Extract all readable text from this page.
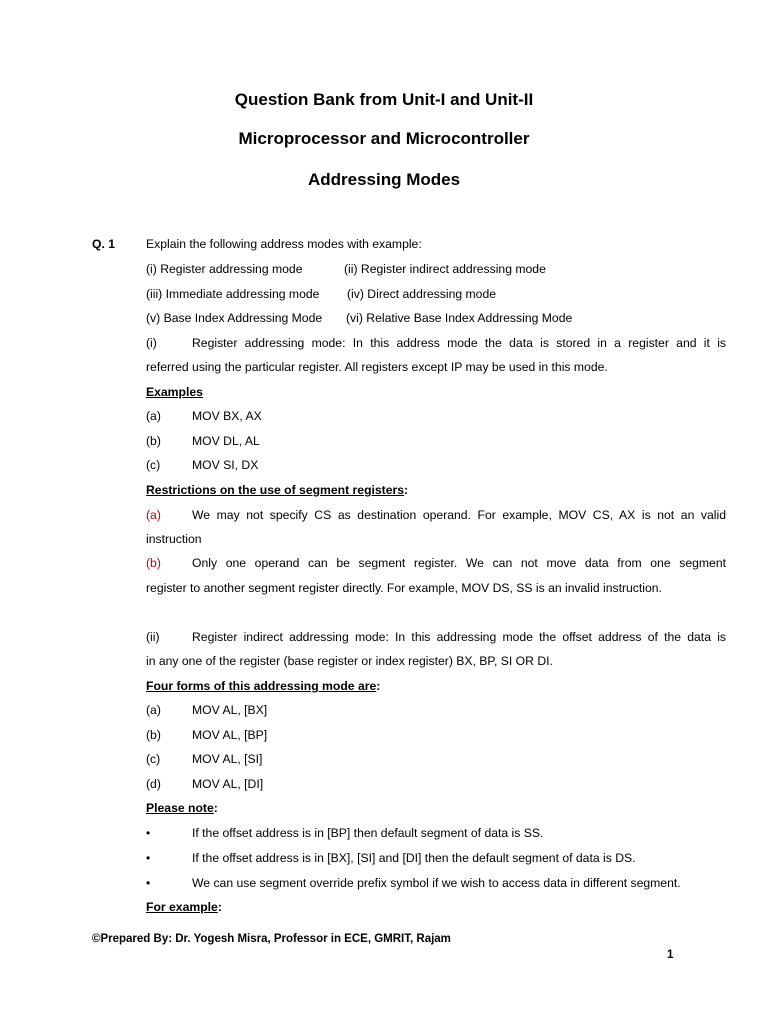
Question Bank from Unit-I and Unit-II
Microprocessor and Microcontroller
Addressing Modes
Q. 1	Explain the following address modes with example:
(i) Register addressing mode	(ii) Register indirect addressing mode
(iii) Immediate addressing mode (iv) Direct addressing mode
(v) Base Index Addressing Mode (vi) Relative Base Index Addressing Mode
(i)	Register addressing mode: In this address mode the data is stored in a register and it is
referred using the particular register. All registers except IP may be used in this mode.
Examples
(a)	MOV BX, AX
(b)	MOV DL, AL
(c)	MOV SI, DX
Restrictions on the use of segment registers:
(a)	We may not specify CS as destination operand. For example, MOV CS, AX is not an valid
instruction
(b)	Only one operand can be segment register. We can not move data from one segment
register to another segment register directly. For example, MOV DS, SS is an invalid instruction.
(ii)	Register indirect addressing mode: In this addressing mode the offset address of the data is
in any one of the register (base register or index register) BX, BP, SI OR DI.
Four forms of this addressing mode are:
(a)	MOV AL, [BX]
(b)	MOV AL, [BP]
(c)	MOV AL, [SI]
(d)	MOV AL, [DI]
Please note:
•	If the offset address is in [BP] then default segment of data is SS.
•	If the offset address is in [BX], [SI] and [DI] then the default segment of data is DS.
•	We can use segment override prefix symbol if we wish to access data in different segment.
For example:
©Prepared By: Dr. Yogesh Misra, Professor in ECE, GMRIT, Rajam
1
